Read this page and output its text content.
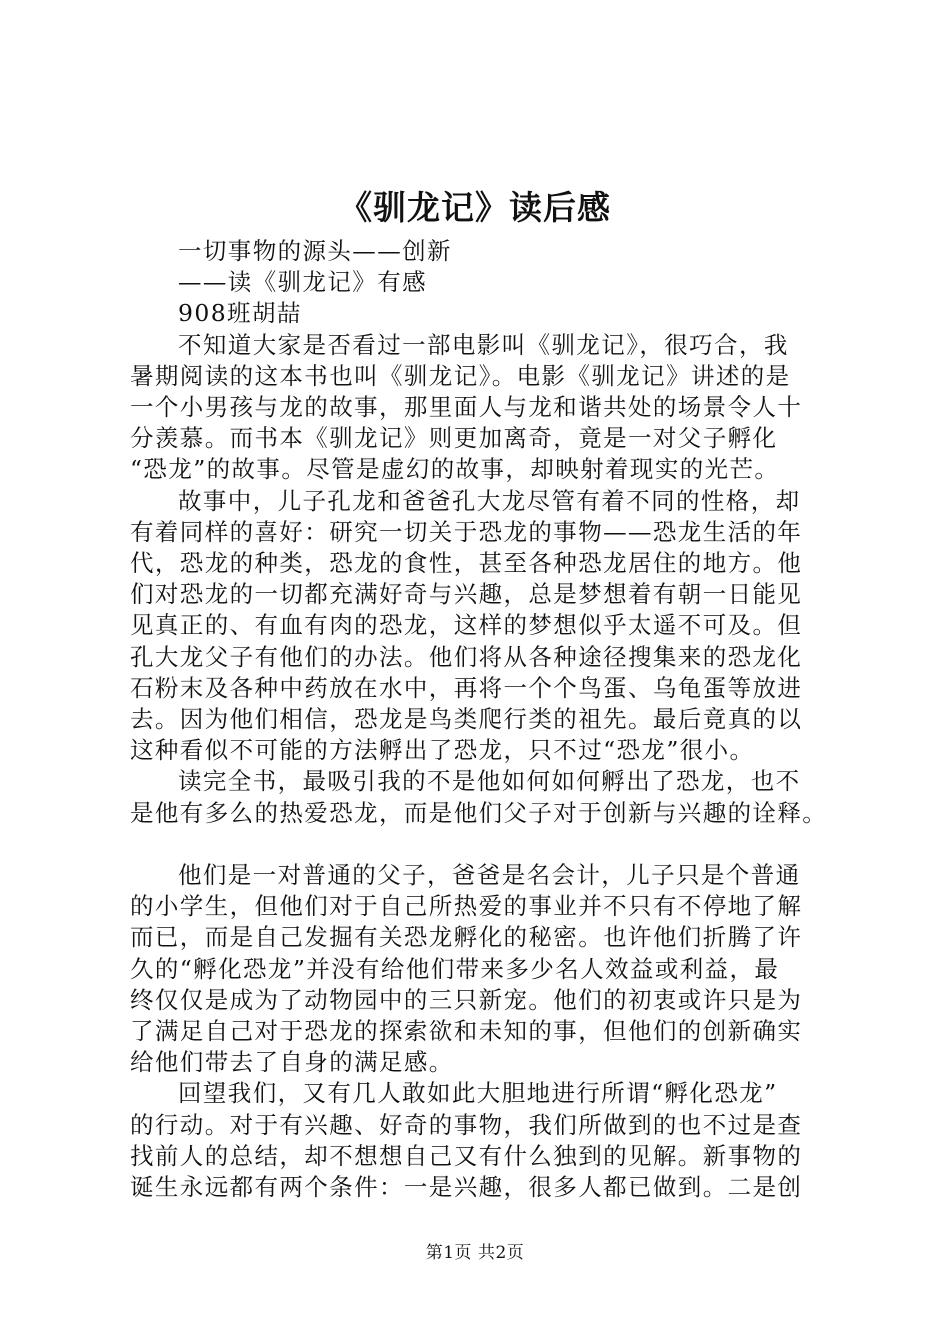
《驯龙记》读后感
一切事物的源头——创新
——读《驯龙记》有感
908班胡喆
不知道大家是否看过一部电影叫《驯龙记》，很巧合，我
暑期阅读的这本书也叫《驯龙记》。电影《驯龙记》讲述的是
一个小男孩与龙的故事，那里面人与龙和谐共处的场景令人十
分羡慕。而书本《驯龙记》则更加离奇，竟是一对父子孵化
“恐龙”的故事。尽管是虚幻的故事，却映射着现实的光芒。
故事中，儿子孔龙和爸爸孔大龙尽管有着不同的性格，却
有着同样的喜好：研究一切关于恐龙的事物——恐龙生活的年
代，恐龙的种类，恐龙的食性，甚至各种恐龙居住的地方。他
们对恐龙的一切都充满好奇与兴趣，总是梦想着有朝一日能见
见真正的、有血有肉的恐龙，这样的梦想似乎太遥不可及。但
孔大龙父子有他们的办法。他们将从各种途径搜集来的恐龙化
石粉末及各种中药放在水中，再将一个个鸟蛋、乌龟蛋等放进
去。因为他们相信，恐龙是鸟类爬行类的祖先。最后竟真的以
这种看似不可能的方法孵出了恐龙，只不过“恐龙”很小。
读完全书，最吸引我的不是他如何如何孵出了恐龙，也不
是他有多么的热爱恐龙，而是他们父子对于创新与兴趣的诠释。
他们是一对普通的父子，爸爸是名会计，儿子只是个普通
的小学生，但他们对于自己所热爱的事业并不只有不停地了解
而已，而是自己发掘有关恐龙孵化的秘密。也许他们折腾了许
久的“孵化恐龙”并没有给他们带来多少名人效益或利益，最
终仅仅是成为了动物园中的三只新宠。他们的初衷或许只是为
了满足自己对于恐龙的探索欲和未知的事，但他们的创新确实
给他们带去了自身的满足感。
回望我们，又有几人敢如此大胆地进行所谓“孵化恐龙”
的行动。对于有兴趣、好奇的事物，我们所做到的也不过是查
找前人的总结，却不想想自己又有什么独到的见解。新事物的
诞生永远都有两个条件：一是兴趣，很多人都已做到。二是创
第1页 共2页
